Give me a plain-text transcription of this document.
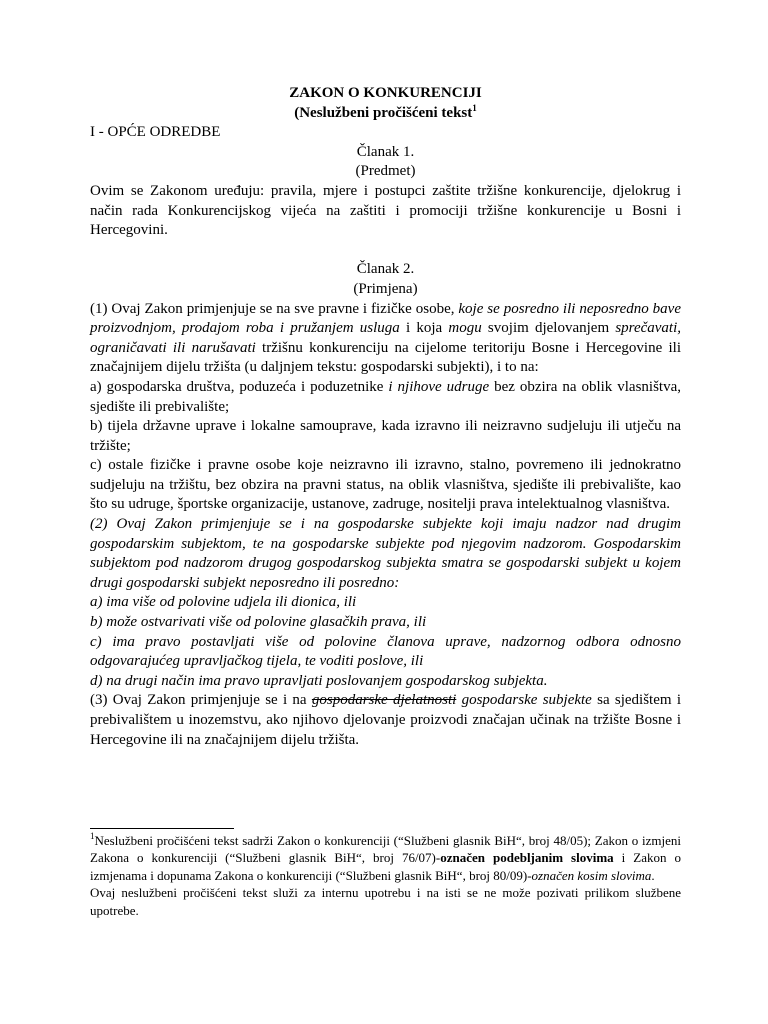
ZAKON O KONKURENCIJI

(Neslužbeni pročišćeni tekst$^1$

I - OPĆE ODREDBE

Članak 1.

(Predmet)

Ovim se Zakonom uređuju: pravila, mjere i postupci zaštite tržišne konkurencije, djelokrug i način rada Konkurencijskog vijeća na zaštiti i promociji tržišne konkurencije u Bosni i Hercegovini.

Članak 2.

(Primjena)

(1) Ovaj Zakon primjenjuje se na sve pravne i fizičke osobe, koje se posredno ili neposredno bave proizvodnjom, prodajom roba i pružanjem usluga i koja mogu svojim djelovanjem sprečavati, ograničavati ili narušavati tržišnu konkurenciju na cijelome teritoriju Bosne i Hercegovine ili značajnijem dijelu tržišta (u daljnjem tekstu: gospodarski subjekti), i to na:

a) gospodarska društva, poduzeća i poduzetnike i njihove udruge bez obzira na oblik vlasništva, sjedište ili prebivalište;

b) tijela državne uprave i lokalne samouprave, kada izravno ili neizravno sudjeluju ili utječu na tržište;

c) ostale fizičke i pravne osobe koje neizravno ili izravno, stalno, povremeno ili jednokratno sudjeluju na tržištu, bez obzira na pravni status, na oblik vlasništva, sjedište ili prebivalište, kao što su udruge, športske organizacije, ustanove, zadruge, nositelji prava intelektualnog vlasništva.

(2) Ovaj Zakon primjenjuje se i na gospodarske subjekte koji imaju nadzor nad drugim gospodarskim subjektom, te na gospodarske subjekte pod njegovim nadzorom. Gospodarskim subjektom pod nadzorom drugog gospodarskog subjekta smatra se gospodarski subjekt u kojem drugi gospodarski subjekt neposredno ili posredno:

a) ima više od polovine udjela ili dionica, ili

b) može ostvarivati više od polovine glasačkih prava, ili

c) ima pravo postavljati više od polovine članova uprave, nadzornog odbora odnosno odgovarajućeg upravljačkog tijela, te voditi poslove, ili

d) na drugi način ima pravo upravljati poslovanjem gospodarskog subjekta.

(3) Ovaj Zakon primjenjuje se i na gospodarske djelatnosti gospodarske subjekte sa sjedištem i prebivalištem u inozemstvu, ako njihovo djelovanje proizvodi značajan učinak na tržište Bosne i Hercegovine ili na značajnijem dijelu tržišta.

$^1$Neslužbeni pročišćeni tekst sadrži Zakon o konkurenciji (“Službeni glasnik BiH“, broj 48/05); Zakon o izmjeni Zakona o konkurenciji (“Službeni glasnik BiH“, broj 76/07)-označen podebljanim slovima i Zakon o izmjenama i dopunama Zakona o konkurenciji (“Službeni glasnik BiH“, broj 80/09)-označen kosim slovima.

Ovaj neslužbeni pročišćeni tekst služi za internu upotrebu i na isti se ne može pozivati prilikom službene upotrebe.
